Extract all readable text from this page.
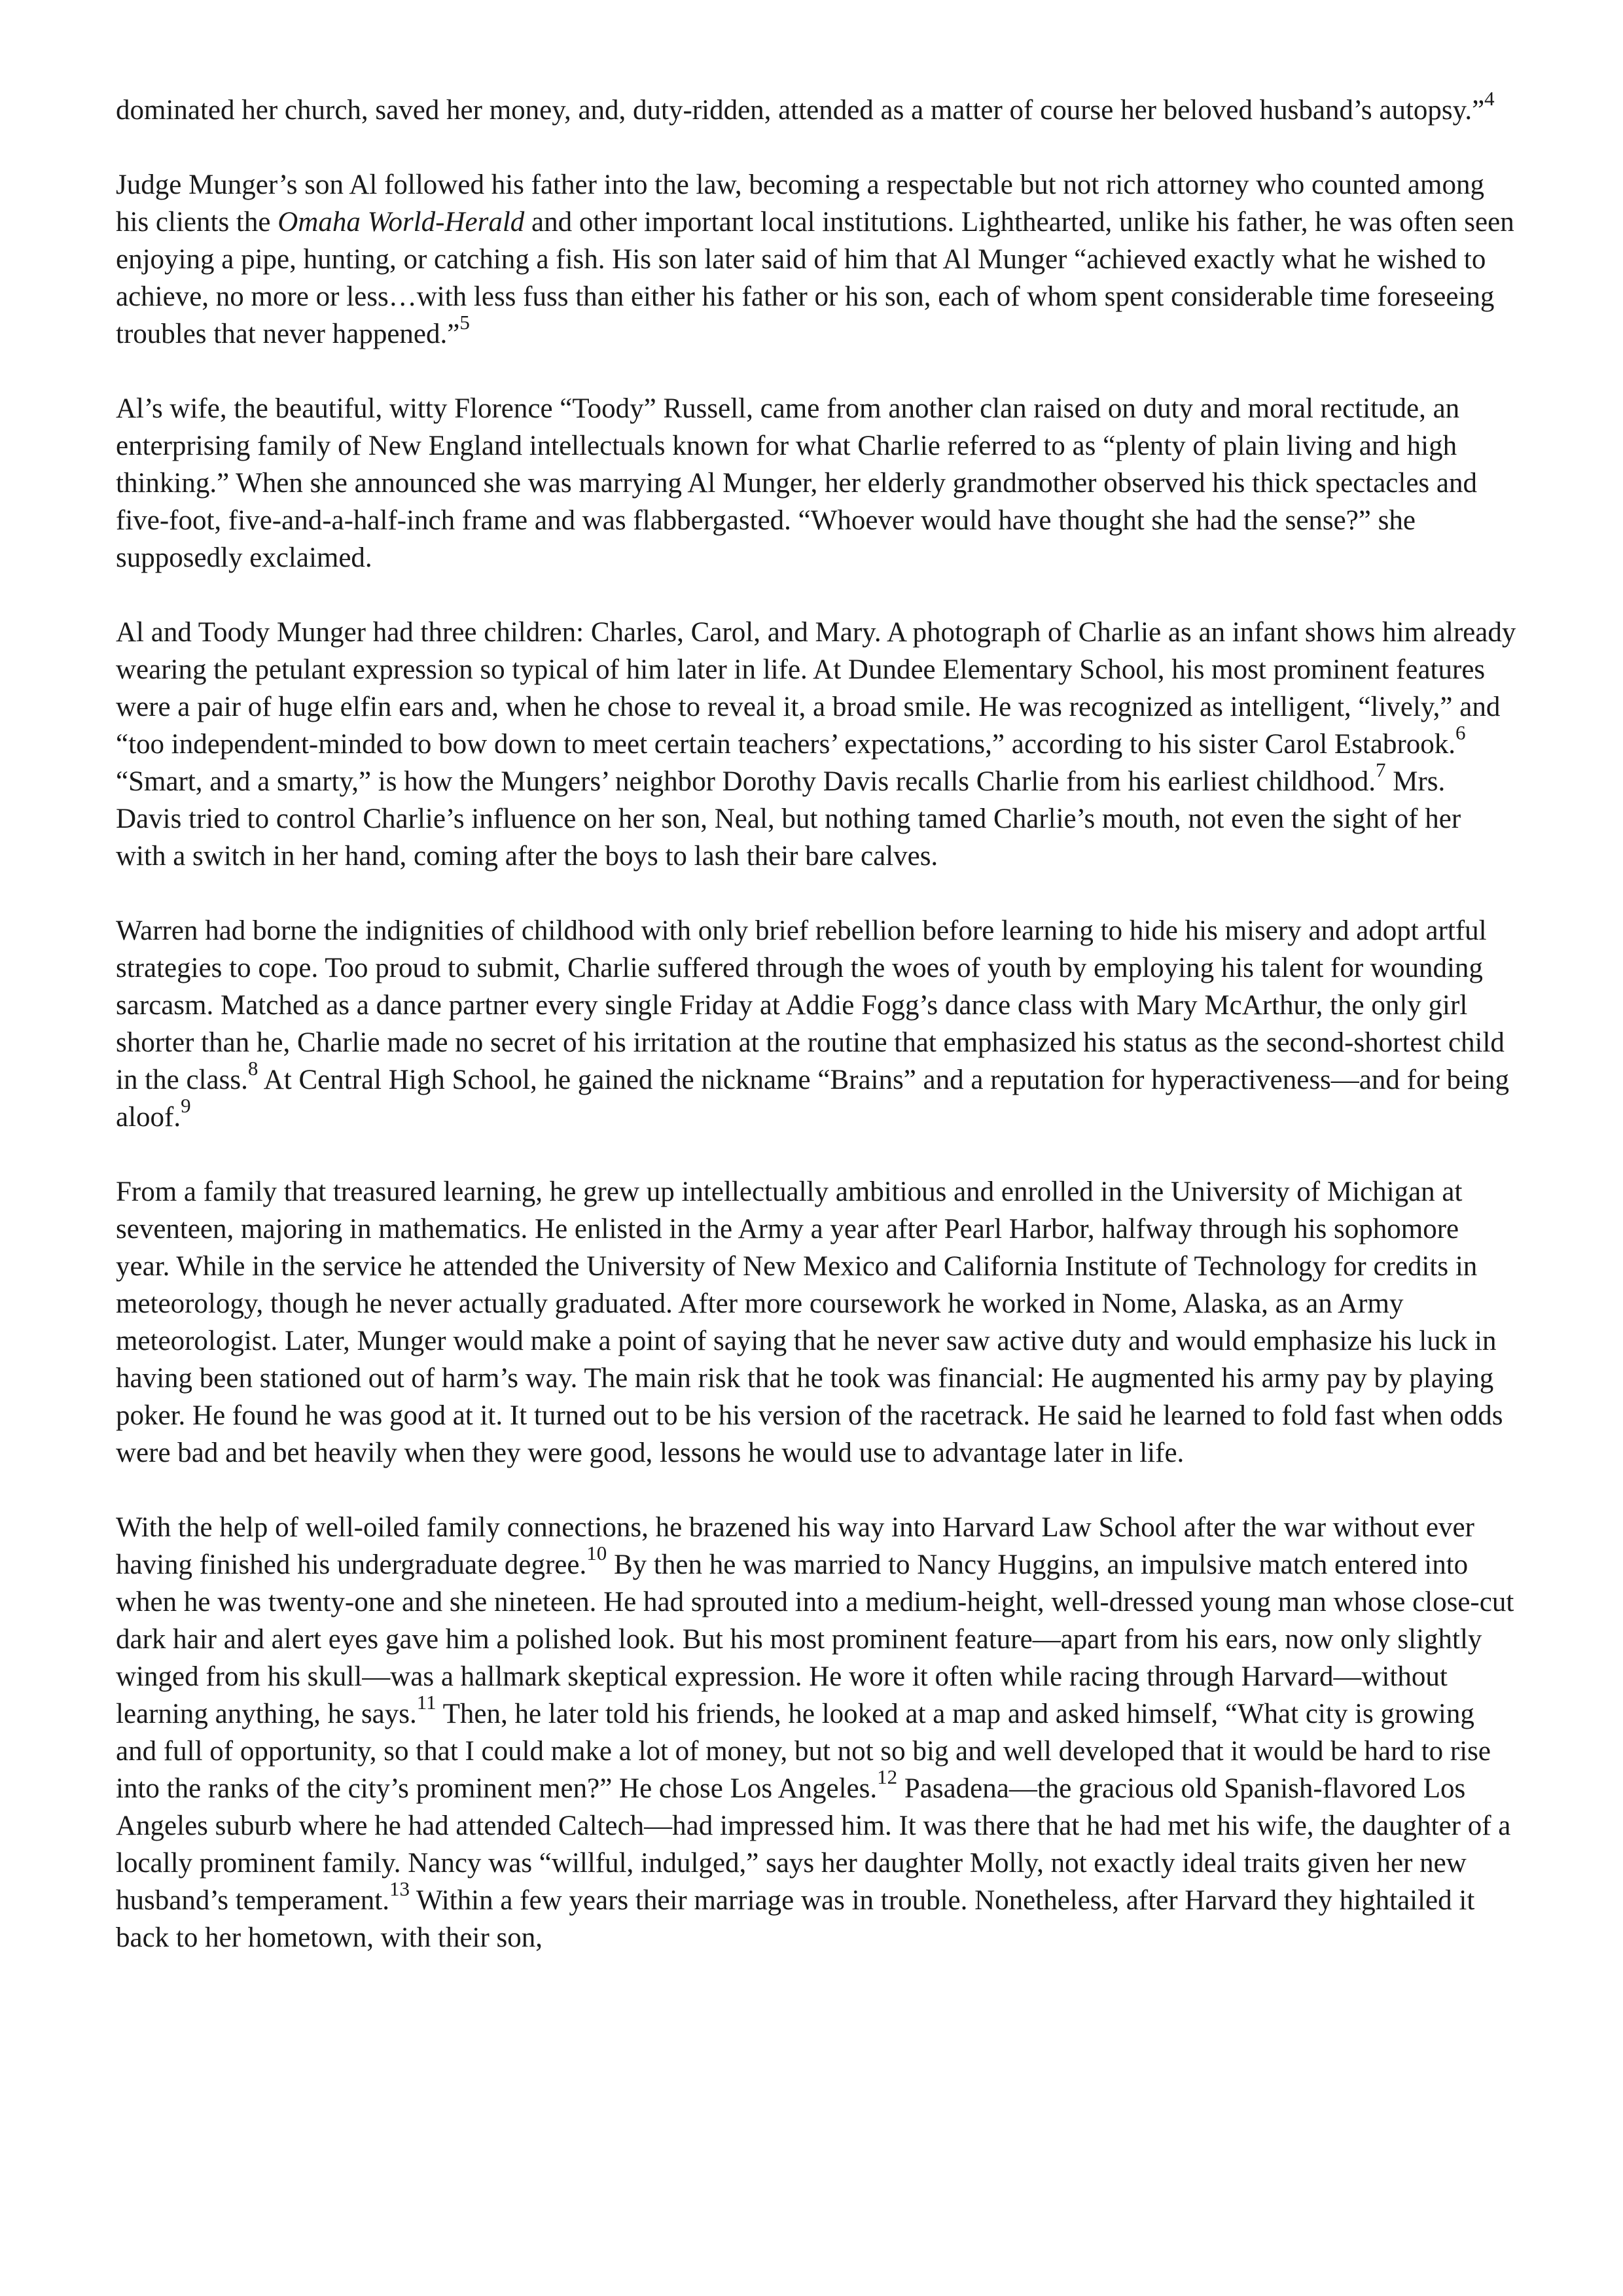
dominated her church, saved her money, and, duty-ridden, attended as a matter of course her beloved husband’s autopsy.”$^4$

Judge Munger’s son Al followed his father into the law, becoming a respectable but not rich attorney who counted among his clients the Omaha World-Herald and other important local institutions. Lighthearted, unlike his father, he was often seen enjoying a pipe, hunting, or catching a fish. His son later said of him that Al Munger “achieved exactly what he wished to achieve, no more or less…with less fuss than either his father or his son, each of whom spent considerable time foreseeing troubles that never happened.”$^5$

Al’s wife, the beautiful, witty Florence “Toody” Russell, came from another clan raised on duty and moral rectitude, an enterprising family of New England intellectuals known for what Charlie referred to as “plenty of plain living and high thinking.” When she announced she was marrying Al Munger, her elderly grandmother observed his thick spectacles and five-foot, five-and-a-half-inch frame and was flabbergasted. “Whoever would have thought she had the sense?” she supposedly exclaimed.

Al and Toody Munger had three children: Charles, Carol, and Mary. A photograph of Charlie as an infant shows him already wearing the petulant expression so typical of him later in life. At Dundee Elementary School, his most prominent features were a pair of huge elfin ears and, when he chose to reveal it, a broad smile. He was recognized as intelligent, “lively,” and “too independent-minded to bow down to meet certain teachers’ expectations,” according to his sister Carol Estabrook.$^6$ “Smart, and a smarty,” is how the Mungers’ neighbor Dorothy Davis recalls Charlie from his earliest childhood.$^7$ Mrs. Davis tried to control Charlie’s influence on her son, Neal, but nothing tamed Charlie’s mouth, not even the sight of her with a switch in her hand, coming after the boys to lash their bare calves.

Warren had borne the indignities of childhood with only brief rebellion before learning to hide his misery and adopt artful strategies to cope. Too proud to submit, Charlie suffered through the woes of youth by employing his talent for wounding sarcasm. Matched as a dance partner every single Friday at Addie Fogg’s dance class with Mary McArthur, the only girl shorter than he, Charlie made no secret of his irritation at the routine that emphasized his status as the second-shortest child in the class.$^8$ At Central High School, he gained the nickname “Brains” and a reputation for hyperactiveness—and for being aloof.$^9$

From a family that treasured learning, he grew up intellectually ambitious and enrolled in the University of Michigan at seventeen, majoring in mathematics. He enlisted in the Army a year after Pearl Harbor, halfway through his sophomore year. While in the service he attended the University of New Mexico and California Institute of Technology for credits in meteorology, though he never actually graduated. After more coursework he worked in Nome, Alaska, as an Army meteorologist. Later, Munger would make a point of saying that he never saw active duty and would emphasize his luck in having been stationed out of harm’s way. The main risk that he took was financial: He augmented his army pay by playing poker. He found he was good at it. It turned out to be his version of the racetrack. He said he learned to fold fast when odds were bad and bet heavily when they were good, lessons he would use to advantage later in life.

With the help of well-oiled family connections, he brazened his way into Harvard Law School after the war without ever having finished his undergraduate degree.$^{10}$ By then he was married to Nancy Huggins, an impulsive match entered into when he was twenty-one and she nineteen. He had sprouted into a medium-height, well-dressed young man whose close-cut dark hair and alert eyes gave him a polished look. But his most prominent feature—apart from his ears, now only slightly winged from his skull—was a hallmark skeptical expression. He wore it often while racing through Harvard—without learning anything, he says.$^{11}$ Then, he later told his friends, he looked at a map and asked himself, “What city is growing and full of opportunity, so that I could make a lot of money, but not so big and well developed that it would be hard to rise into the ranks of the city’s prominent men?” He chose Los Angeles.$^{12}$ Pasadena—the gracious old Spanish-flavored Los Angeles suburb where he had attended Caltech—had impressed him. It was there that he had met his wife, the daughter of a locally prominent family. Nancy was “willful, indulged,” says her daughter Molly, not exactly ideal traits given her new husband’s temperament.$^{13}$ Within a few years their marriage was in trouble. Nonetheless, after Harvard they hightailed it back to her hometown, with their son,
